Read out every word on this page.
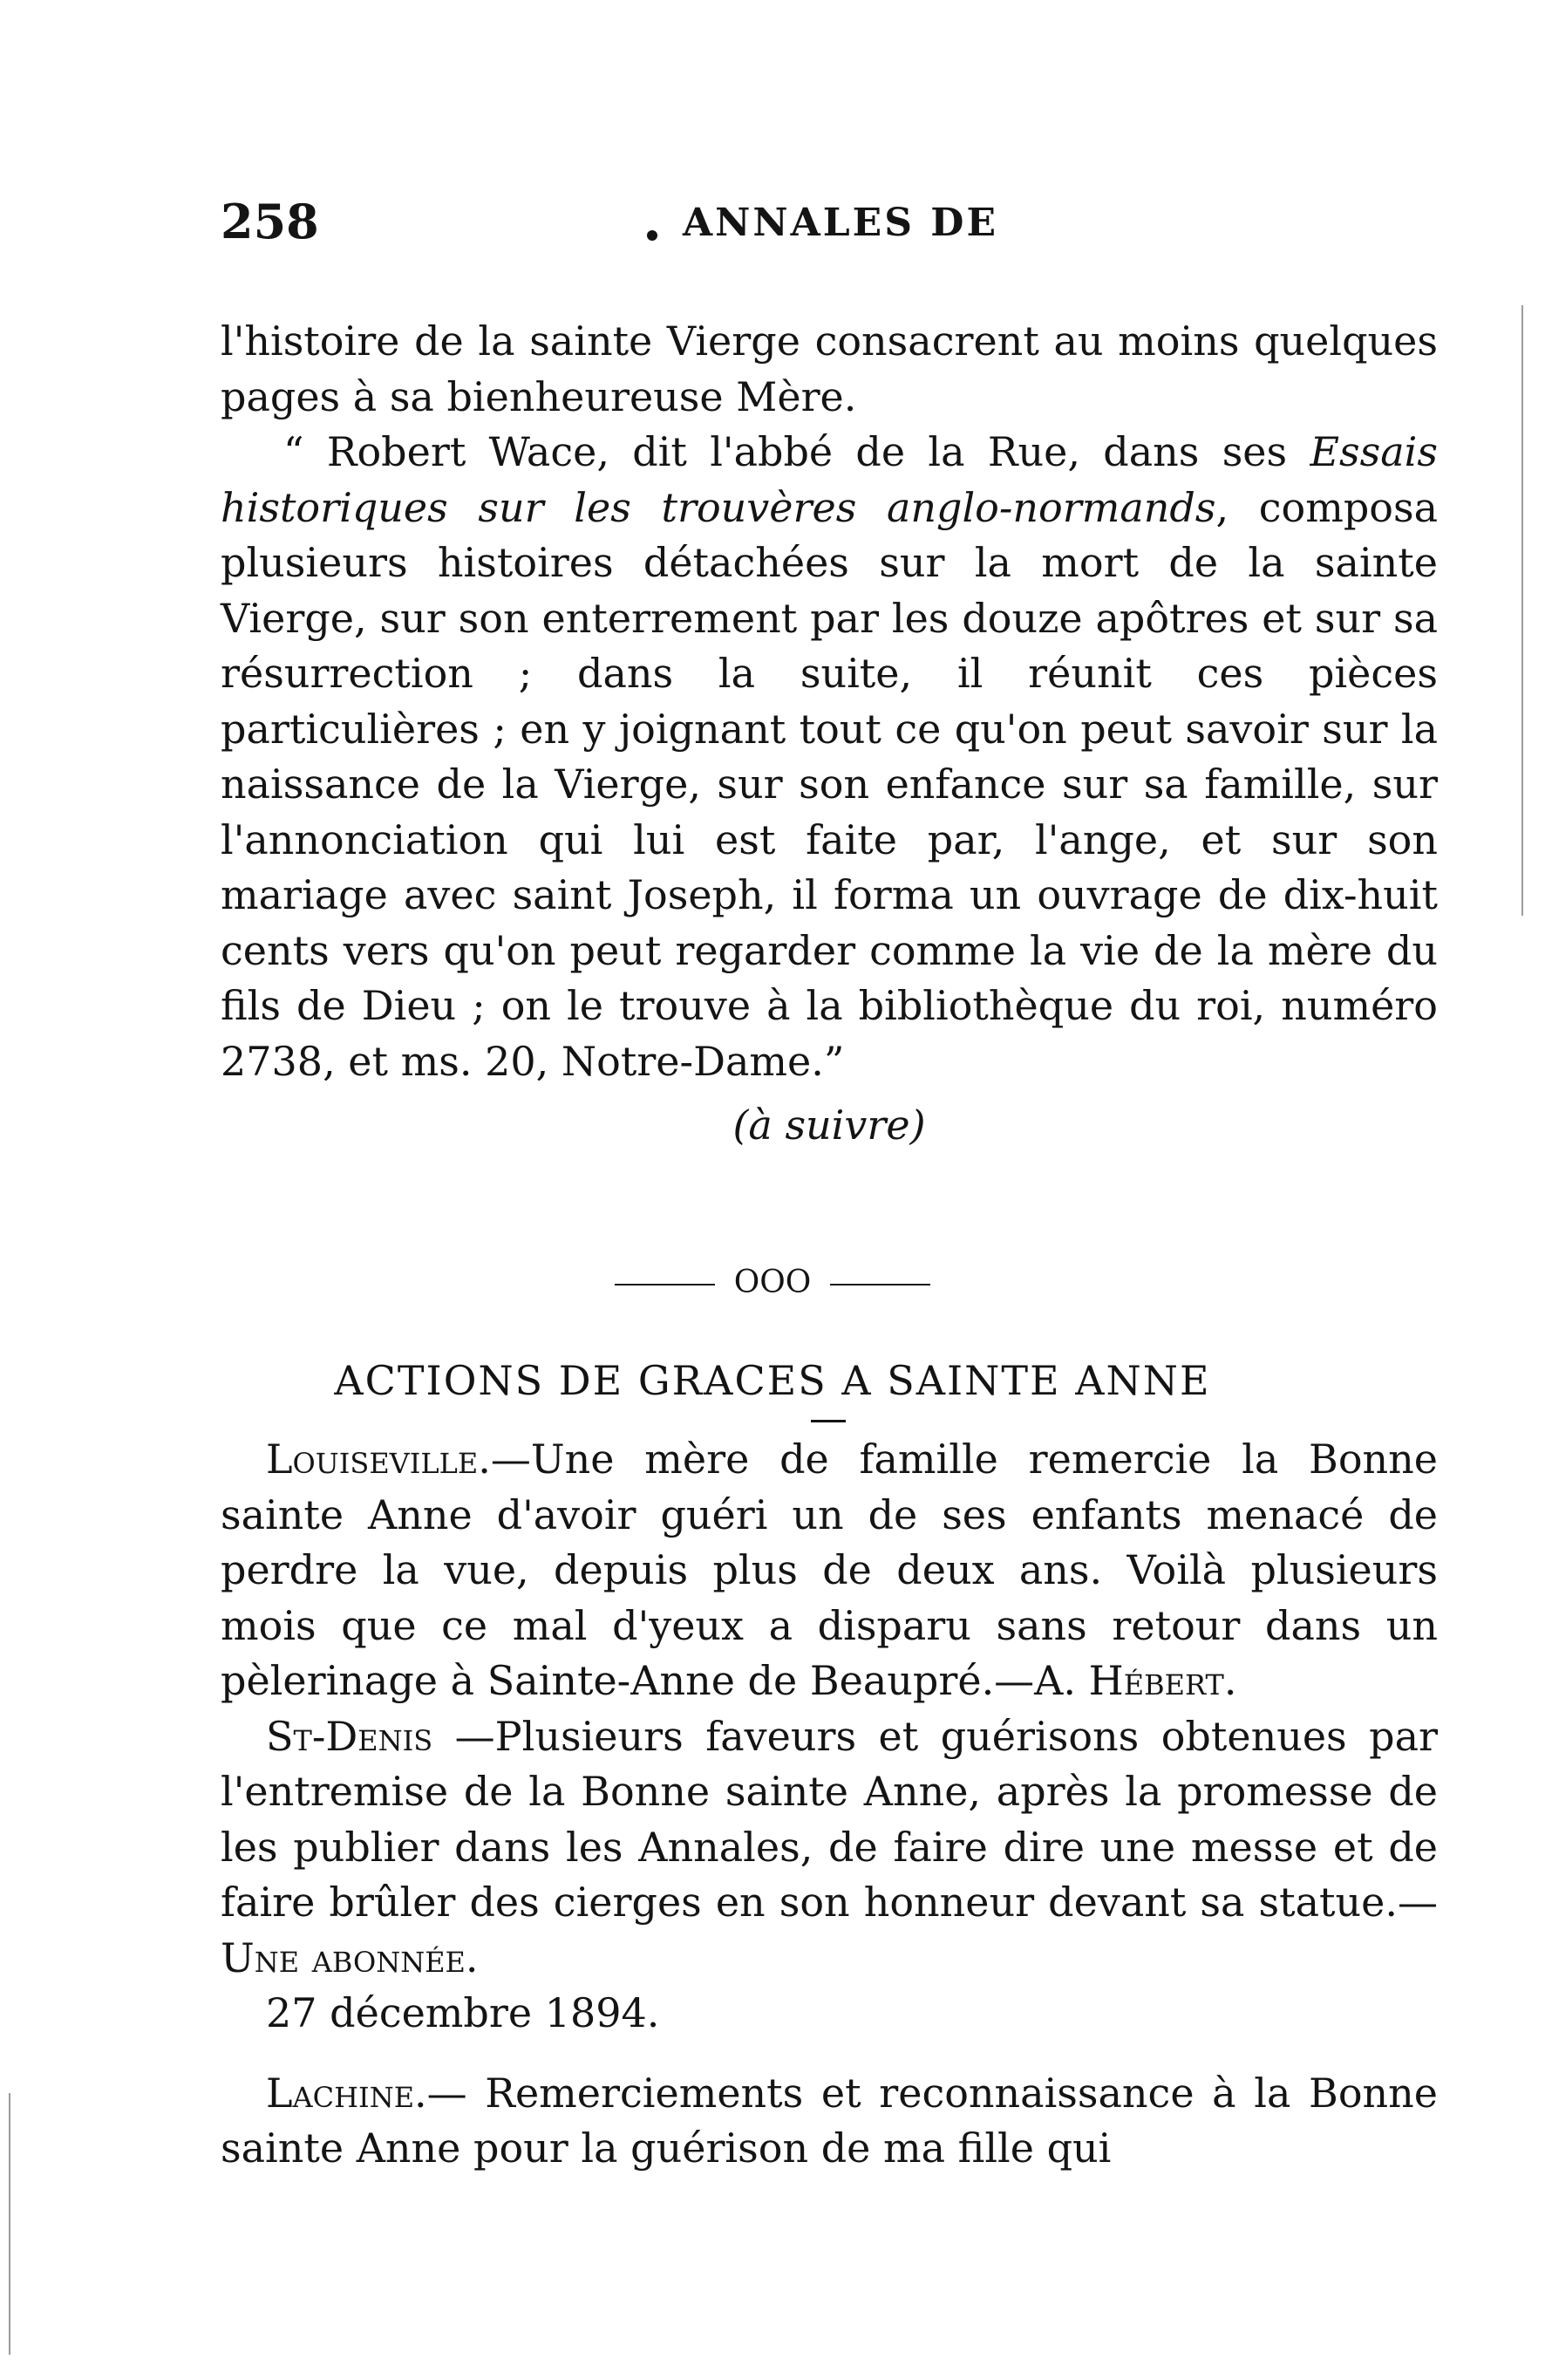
258	ANNALES DE

l'histoire de la sainte Vierge consacrent au moins quelques pages à sa bienheureuse Mère.

“ Robert Wace, dit l'abbé de la Rue, dans ses Essais historiques sur les trouvères anglo-normands, composa plusieurs histoires détachées sur la mort de la sainte Vierge, sur son enterrement par les douze apôtres et sur sa résurrection ; dans la suite, il réunit ces pièces particulières ; en y joignant tout ce qu'on peut savoir sur la naissance de la Vierge, sur son enfance sur sa famille, sur l'annonciation qui lui est faite par, l'ange, et sur son mariage avec saint Joseph, il forma un ouvrage de dix-huit cents vers qu'on peut regarder comme la vie de la mère du fils de Dieu ; on le trouve à la bibliothèque du roi, numéro 2738, et ms. 20, Notre-Dame.”

(à suivre)

OOO
ACTIONS DE GRACES A SAINTE ANNE

Louiseville.—Une mère de famille remercie la Bonne sainte Anne d'avoir guéri un de ses enfants menacé de perdre la vue, depuis plus de deux ans. Voilà plusieurs mois que ce mal d'yeux a disparu sans retour dans un pèlerinage à Sainte-Anne de Beaupré.—A. Hébert.

St-Denis —Plusieurs faveurs et guérisons obtenues par l'entremise de la Bonne sainte Anne, après la promesse de les publier dans les Annales, de faire dire une messe et de faire brûler des cierges en son honneur devant sa statue.—Une abonnée.

27 décembre 1894.

Lachine.— Remerciements et reconnaissance à la Bonne sainte Anne pour la guérison de ma fille qui
